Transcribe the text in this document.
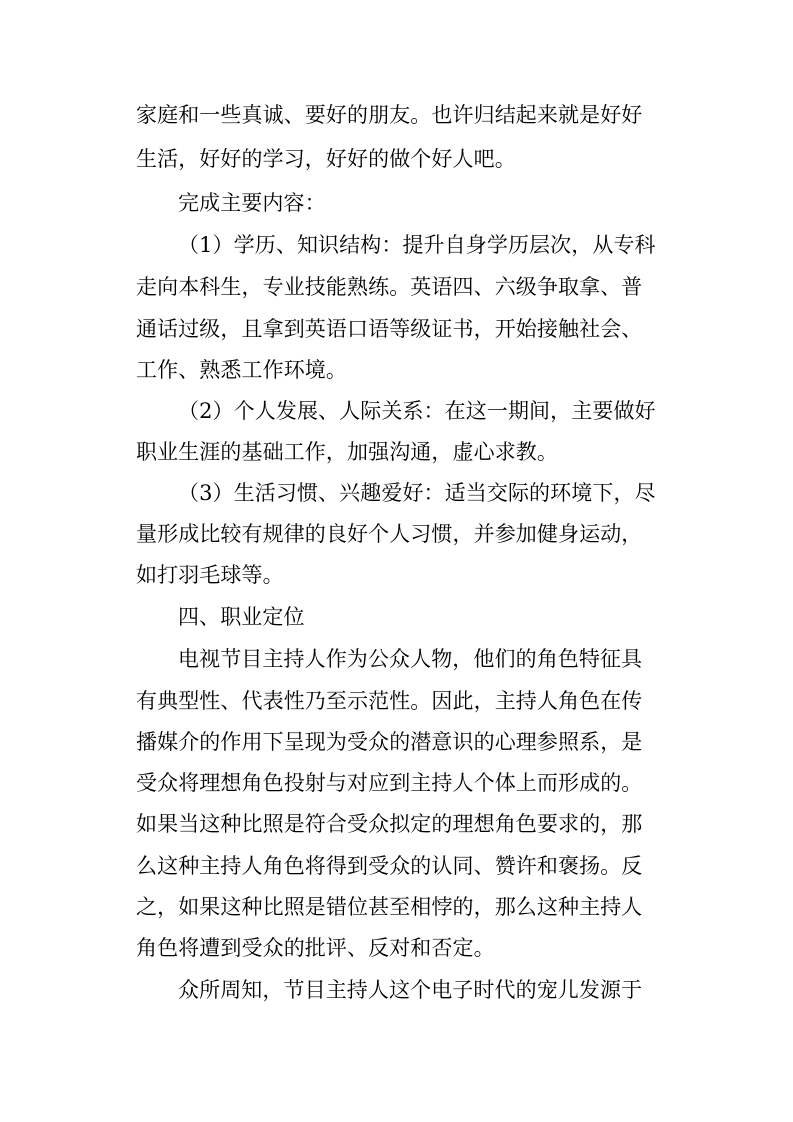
家庭和一些真诚、要好的朋友。也许归结起来就是好好
生活，好好的学习，好好的做个好人吧。
完成主要内容：
（1）学历、知识结构：提升自身学历层次，从专科
走向本科生，专业技能熟练。英语四、六级争取拿、普
通话过级，且拿到英语口语等级证书，开始接触社会、
工作、熟悉工作环境。
（2）个人发展、人际关系：在这一期间，主要做好
职业生涯的基础工作，加强沟通，虚心求教。
（3）生活习惯、兴趣爱好：适当交际的环境下，尽
量形成比较有规律的良好个人习惯，并参加健身运动，
如打羽毛球等。
四、职业定位
电视节目主持人作为公众人物，他们的角色特征具
有典型性、代表性乃至示范性。因此，主持人角色在传
播媒介的作用下呈现为受众的潜意识的心理参照系，是
受众将理想角色投射与对应到主持人个体上而形成的。
如果当这种比照是符合受众拟定的理想角色要求的，那
么这种主持人角色将得到受众的认同、赞许和褒扬。反
之，如果这种比照是错位甚至相悖的，那么这种主持人
角色将遭到受众的批评、反对和否定。
众所周知，节目主持人这个电子时代的宠儿发源于
